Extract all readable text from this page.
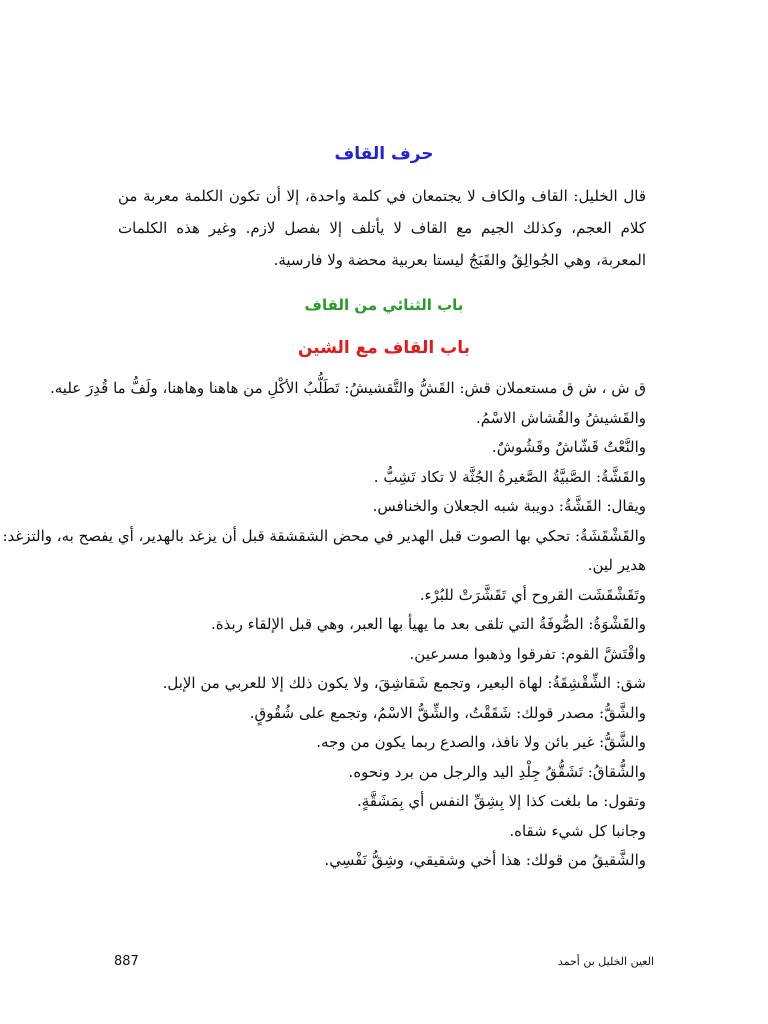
حرف القاف
قال الخليل: القاف والكاف لا يجتمعان في كلمة واحدة، إلا أن تكون الكلمة معربة من كلام العجم، وكذلك الجيم مع القاف لا يأتلف إلا بفصل لازم. وغير هذه الكلمات المعربة، وهي الجُوالِقُ والقَبَجُ ليستا بعربية محضة ولا فارسية.
باب الثنائي من القاف
باب القاف مع الشين
ق ش ، ش ق مستعملان قش: القَشُّ والتَّقشيشُ: تَطَلُّبُ الأكْلِ من هاهنا وهاهنا، ولَفُّ ما قُدِرَ عليه.
والقَشيشُ والقُشاش الاسْمُ.
والنَّعْتُ قَشّاشٌ وقَشُوشٌ.
والقَشَّةُ: الصَّبيَّةُ الصَّغيرةُ الجُثَّة لا تكاد تَشِبُّ .
ويقال: القَشَّةُ: دويبة شبه الجعلان والخنافس.
والقَشْقَشَةُ: تحكي بها الصوت قبل الهدير في محض الشقشقة قبل أن يزغد بالهدير، أي يفصح به، والتزغد:
هدير لين.
وتَقَشْقَشَت القروح أي تَقَشَّرَتْ للبُرْء.
والقَشْوَةُ: الصُّوفَةُ التي تلقى بعد ما يهيأ بها العبر، وهي قبل الإلقاء ربذة.
واقْتَشَّ القوم: تفرقوا وذهبوا مسرعين.
شق: الشِّقْشِقَةُ: لهاة البعير، وتجمع شَقاشِقَ، ولا يكون ذلك إلا للعربي من الإبل.
والشَّقُّ: مصدر قولك: شَقَقْتُ، والشِّقُّ الاسْمُ، وتجمع على شُقُوقٍ.
والشَّقُّ: غير بائن ولا نافذ، والصدع ربما يكون من وجه.
والشُّقاقُ: تَشَقُّقُ جِلْدِ اليد والرجل من برد ونحوه.
وتقول: ما بلغت كذا إلا بِشِقِّ النفس أي بِمَشَقَّةٍ.
وجانبا كل شيء شقاه.
والشَّقيقُ من قولك: هذا أخي وشقيقي، وشِقُّ نَفْسِي.
887	العين الخليل بن أحمد
